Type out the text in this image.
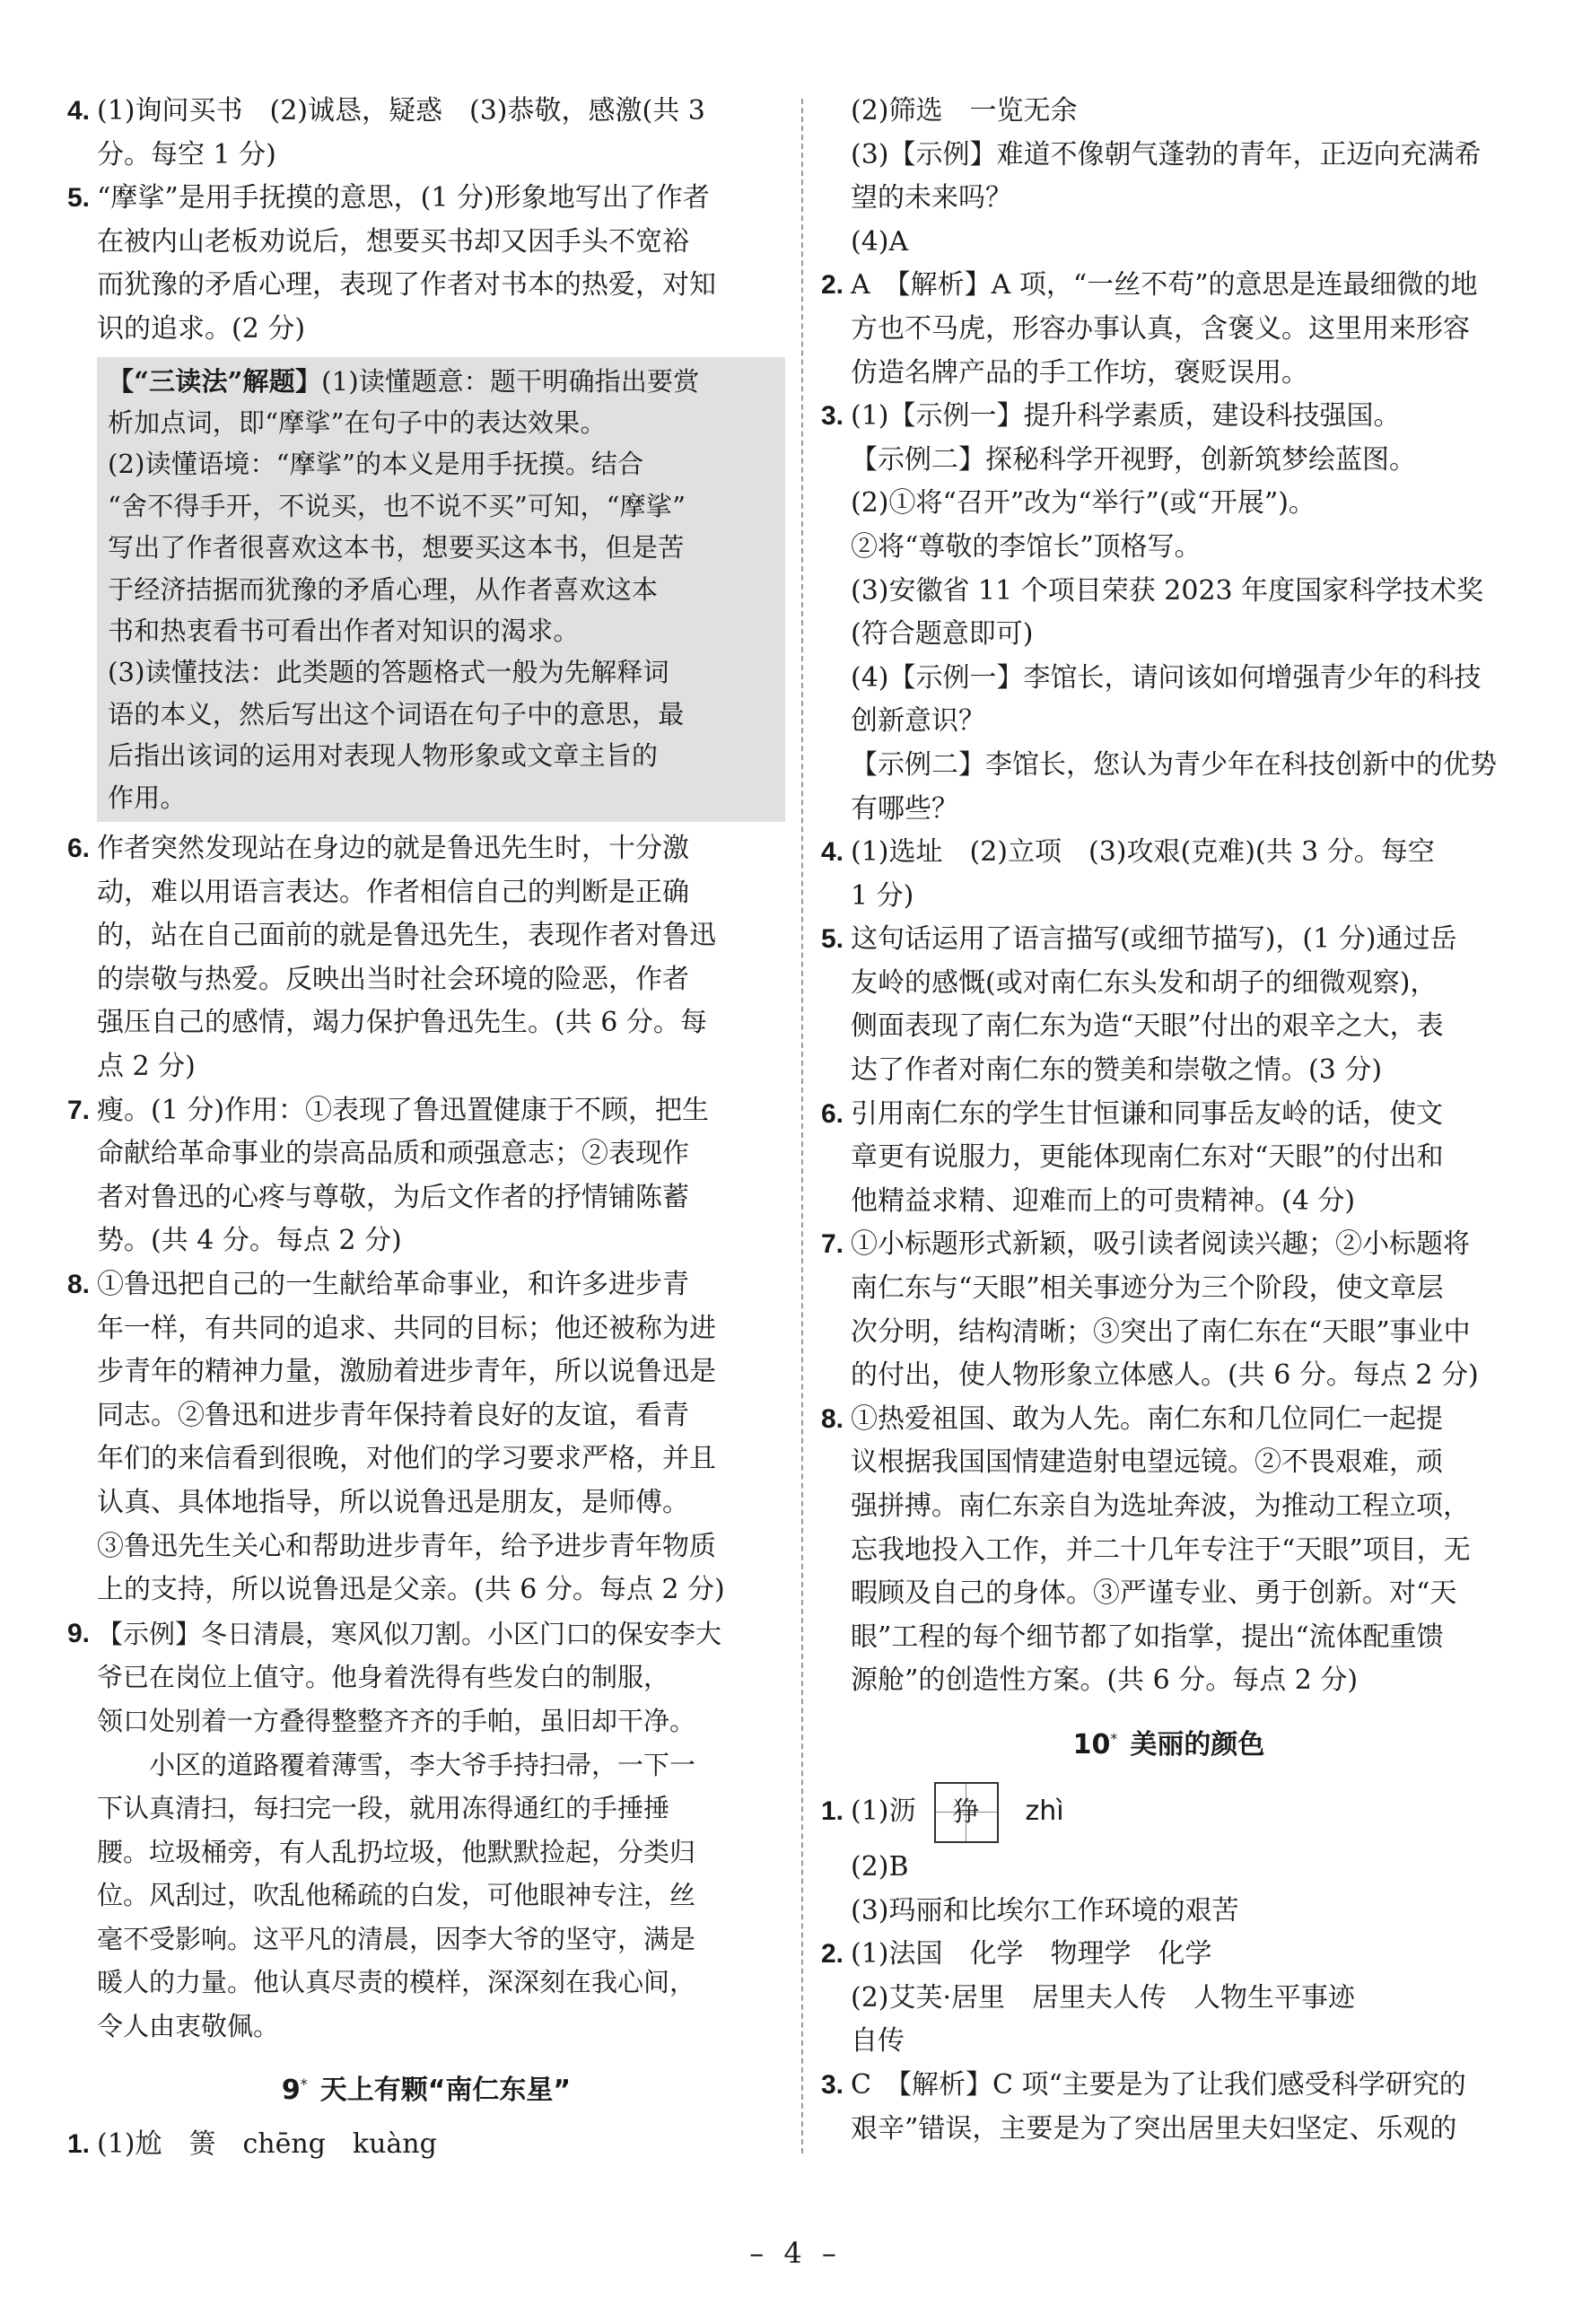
4. (1)询问买书　(2)诚恳，疑惑　(3)恭敬，感激(共 3
分。每空 1 分)
5. “摩挲”是用手抚摸的意思，(1 分)形象地写出了作者
在被内山老板劝说后，想要买书却又因手头不宽裕
而犹豫的矛盾心理，表现了作者对书本的热爱，对知
识的追求。(2 分)
【“三读法”解题】(1)读懂题意：题干明确指出要赏
析加点词，即“摩挲”在句子中的表达效果。
(2)读懂语境：“摩挲”的本义是用手抚摸。结合
“舍不得手开，不说买，也不说不买”可知，“摩挲”
写出了作者很喜欢这本书，想要买这本书，但是苦
于经济拮据而犹豫的矛盾心理，从作者喜欢这本
书和热衷看书可看出作者对知识的渴求。
(3)读懂技法：此类题的答题格式一般为先解释词
语的本义，然后写出这个词语在句子中的意思，最
后指出该词的运用对表现人物形象或文章主旨的
作用。
6. 作者突然发现站在身边的就是鲁迅先生时，十分激
动，难以用语言表达。作者相信自己的判断是正确
的，站在自己面前的就是鲁迅先生，表现作者对鲁迅
的崇敬与热爱。反映出当时社会环境的险恶，作者
强压自己的感情，竭力保护鲁迅先生。(共 6 分。每
点 2 分)
7. 瘦。(1 分)作用：①表现了鲁迅置健康于不顾，把生
命献给革命事业的崇高品质和顽强意志；②表现作
者对鲁迅的心疼与尊敬，为后文作者的抒情铺陈蓄
势。(共 4 分。每点 2 分)
8. ①鲁迅把自己的一生献给革命事业，和许多进步青
年一样，有共同的追求、共同的目标；他还被称为进
步青年的精神力量，激励着进步青年，所以说鲁迅是
同志。②鲁迅和进步青年保持着良好的友谊，看青
年们的来信看到很晚，对他们的学习要求严格，并且
认真、具体地指导，所以说鲁迅是朋友，是师傅。
③鲁迅先生关心和帮助进步青年，给予进步青年物质
上的支持，所以说鲁迅是父亲。(共 6 分。每点 2 分)
9. 【示例】冬日清晨，寒风似刀割。小区门口的保安李大
爷已在岗位上值守。他身着洗得有些发白的制服，
领口处别着一方叠得整整齐齐的手帕，虽旧却干净。
　　小区的道路覆着薄雪，李大爷手持扫帚，一下一
下认真清扫，每扫完一段，就用冻得通红的手捶捶
腰。垃圾桶旁，有人乱扔垃圾，他默默捡起，分类归
位。风刮过，吹乱他稀疏的白发，可他眼神专注，丝
毫不受影响。这平凡的清晨，因李大爷的坚守，满是
暖人的力量。他认真尽责的模样，深深刻在我心间，
令人由衷敬佩。
9* 天上有颗“南仁东星”
1. (1)尬　箦　chēng　kuàng
(2)筛选　一览无余
(3)【示例】难道不像朝气蓬勃的青年，正迈向充满希
望的未来吗？
(4)A
2. A　【解析】A 项，“一丝不苟”的意思是连最细微的地
方也不马虎，形容办事认真，含褒义。这里用来形容
仿造名牌产品的手工作坊，褒贬误用。
3. (1)【示例一】提升科学素质，建设科技强国。
【示例二】探秘科学开视野，创新筑梦绘蓝图。
(2)①将“召开”改为“举行”(或“开展”)。
②将“尊敬的李馆长”顶格写。
(3)安徽省 11 个项目荣获 2023 年度国家科学技术奖
(符合题意即可)
(4)【示例一】李馆长，请问该如何增强青少年的科技
创新意识？
【示例二】李馆长，您认为青少年在科技创新中的优势
有哪些？
4. (1)选址　(2)立项　(3)攻艰(克难)(共 3 分。每空
1 分)
5. 这句话运用了语言描写(或细节描写)，(1 分)通过岳
友岭的感慨(或对南仁东头发和胡子的细微观察)，
侧面表现了南仁东为造“天眼”付出的艰辛之大，表
达了作者对南仁东的赞美和崇敬之情。(3 分)
6. 引用南仁东的学生甘恒谦和同事岳友岭的话，使文
章更有说服力，更能体现南仁东对“天眼”的付出和
他精益求精、迎难而上的可贵精神。(4 分)
7. ①小标题形式新颖，吸引读者阅读兴趣；②小标题将
南仁东与“天眼”相关事迹分为三个阶段，使文章层
次分明，结构清晰；③突出了南仁东在“天眼”事业中
的付出，使人物形象立体感人。(共 6 分。每点 2 分)
8. ①热爱祖国、敢为人先。南仁东和几位同仁一起提
议根据我国国情建造射电望远镜。②不畏艰难，顽
强拼搏。南仁东亲自为选址奔波，为推动工程立项，
忘我地投入工作，并二十几年专注于“天眼”项目，无
暇顾及自己的身体。③严谨专业、勇于创新。对“天
眼”工程的每个细节都了如指掌，提出“流体配重馈
源舱”的创造性方案。(共 6 分。每点 2 分)
10* 美丽的颜色
1. (1)沥 狰 zhì
(2)B
(3)玛丽和比埃尔工作环境的艰苦
2. (1)法国　化学　物理学　化学
(2)艾芙·居里　居里夫人传　人物生平事迹
自传
3. C　【解析】C 项“主要是为了让我们感受科学研究的
艰辛”错误，主要是为了突出居里夫妇坚定、乐观的
– 4 –
